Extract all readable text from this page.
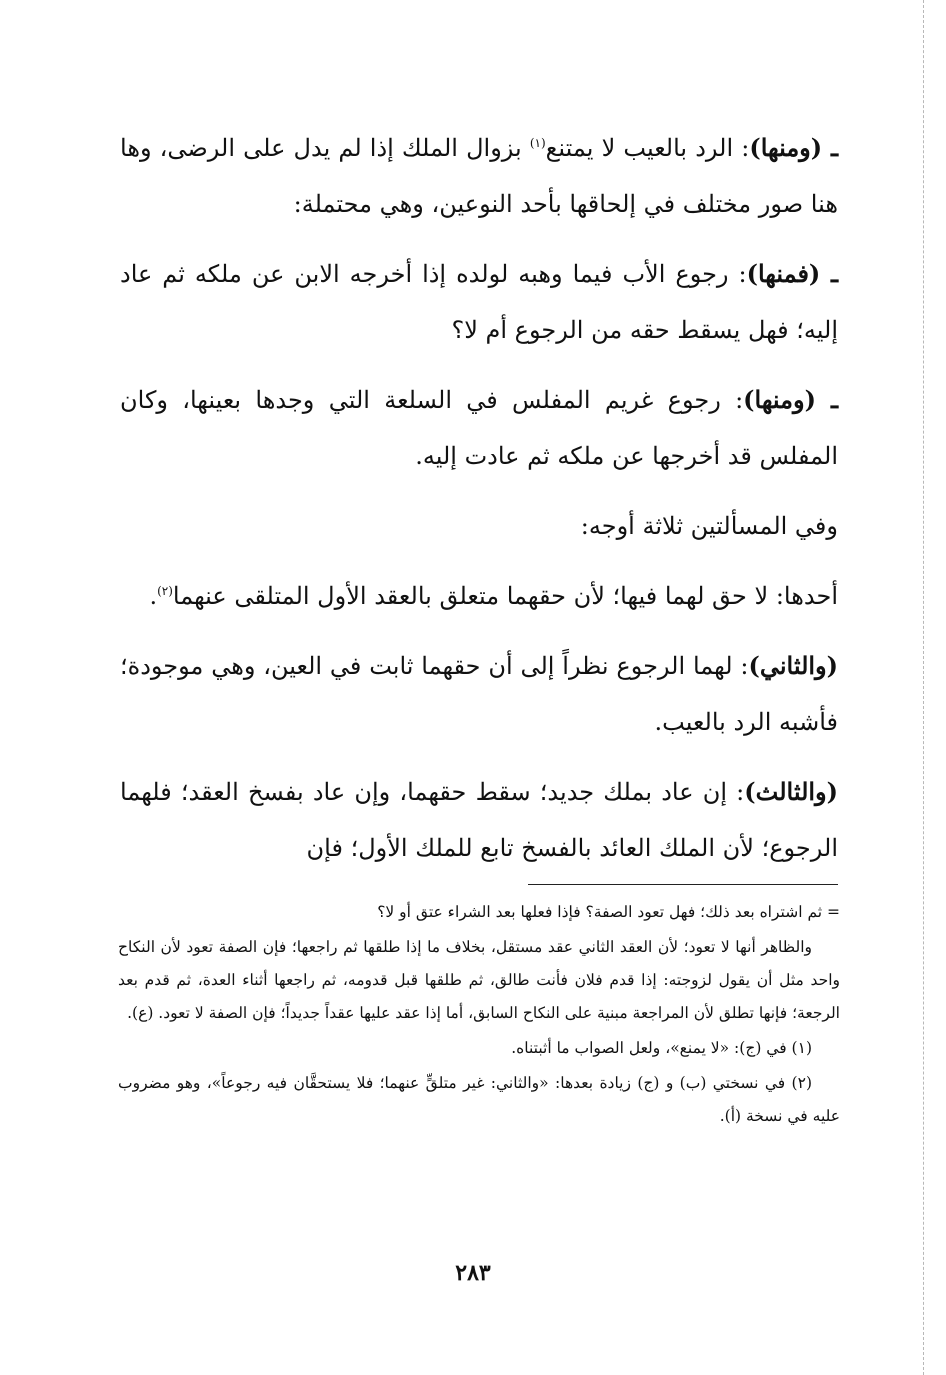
ـ (ومنها): الرد بالعيب لا يمتنع$^{(١)}$ بزوال الملك إذا لم يدل على الرضى، وها هنا صور مختلف في إلحاقها بأحد النوعين، وهي محتملة:

ـ (فمنها): رجوع الأب فيما وهبه لولده إذا أخرجه الابن عن ملكه ثم عاد إليه؛ فهل يسقط حقه من الرجوع أم لا؟

ـ (ومنها): رجوع غريم المفلس في السلعة التي وجدها بعينها، وكان المفلس قد أخرجها عن ملكه ثم عادت إليه.

وفي المسألتين ثلاثة أوجه:

أحدها: لا حق لهما فيها؛ لأن حقهما متعلق بالعقد الأول المتلقى عنهما$^{(٢)}$.

(والثاني): لهما الرجوع نظراً إلى أن حقهما ثابت في العين، وهي موجودة؛ فأشبه الرد بالعيب.

(والثالث): إن عاد بملك جديد؛ سقط حقهما، وإن عاد بفسخ العقد؛ فلهما الرجوع؛ لأن الملك العائد بالفسخ تابع للملك الأول؛ فإن

= ثم اشتراه بعد ذلك؛ فهل تعود الصفة؟ فإذا فعلها بعد الشراء عتق أو لا؟

والظاهر أنها لا تعود؛ لأن العقد الثاني عقد مستقل، بخلاف ما إذا طلقها ثم راجعها؛ فإن الصفة تعود لأن النكاح واحد مثل أن يقول لزوجته: إذا قدم فلان فأنت طالق، ثم طلقها قبل قدومه، ثم راجعها أثناء العدة، ثم قدم بعد الرجعة؛ فإنها تطلق لأن المراجعة مبنية على النكاح السابق، أما إذا عقد عليها عقداً جديداً؛ فإن الصفة لا تعود. (ع).

(١) في (ج): «لا يمنع»، ولعل الصواب ما أثبتناه.

(٢) في نسختي (ب) و (ج) زيادة بعدها: «والثاني: غير متلقٍّ عنهما؛ فلا يستحقَّان فيه رجوعاً»، وهو مضروب عليه في نسخة (أ).

٢٨٣
